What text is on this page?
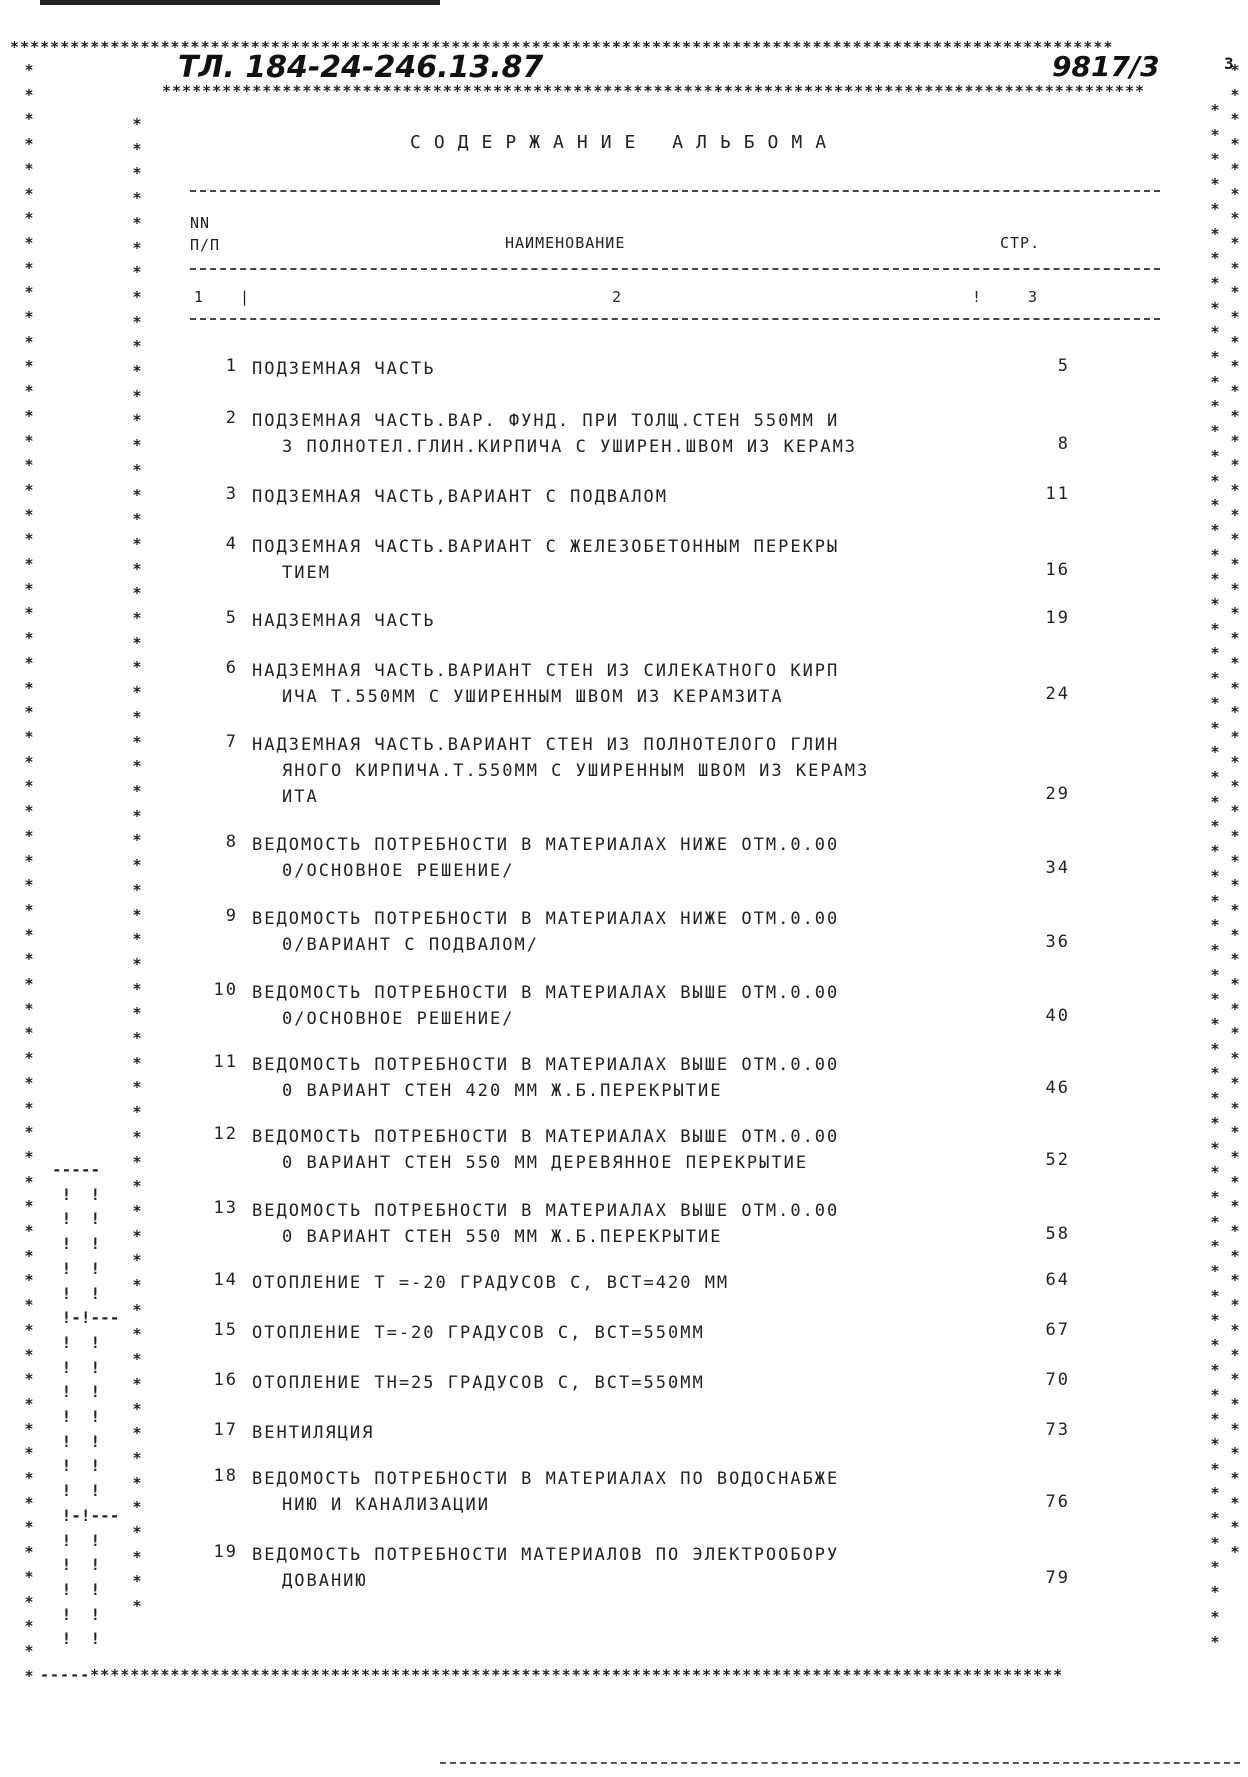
**************************************************************************************************************
*
*
*
*
*
*
*
*
*
*
*
*
*
*
*
*
*
*
*
*
*
*
*
*
*
*
*
*
*
*
*
*
*
*
*
*
*
*
*
*
*
*
*
*
*
*
*
*
*
*
*
*
*
*
*
*
*
*
*
*
*
*
*
*
*
*

*
*
*
*
*
*
*
*
*
*
*
*
*
*
*
*
*
*
*
*
*
*
*
*
*
*
*
*
*
*
*
*
*
*
*
*
*
*
*
*
*
*
*
*
*
*
*
*
*
*
*
*
*
*
*
*
*
*
*
*
*

*
*
*
*
*
*
*
*
*
*
*
*
*
*
*
*
*
*
*
*
*
*
*
*
*
*
*
*
*
*
*
*
*
*
*
*
*
*
*
*
*
*
*
*
*
*
*
*
*
*
*
*
*
*
*
*
*
*
*
*
*
*
*

*
*
*
*
*
*
*
*
*
*
*
*
*
*
*
*
*
*
*
*
*
*
*
*
*
*
*
*
*
*
*
*
*
*
*
*
*
*
*
*
*
*
*
*
*
*
*
*
*
*
*
*
*
*
*
*
*
*
*
*
*

ТЛ. 184-24-246.13.87	9817/3	3
**************************************************************************************************
СОДЕРЖАНИЕ АЛЬБОМА
NN
П/П	НАИМЕНОВАНИЕ	СТР.
1 |	2	!	3
1 ПОДЗЕМНАЯ ЧАСТЬ	5
2 ПОДЗЕМНАЯ ЧАСТЬ.ВАР. ФУНД. ПРИ ТОЛЩ.СТЕН 550ММ И
З ПОЛНОТЕЛ.ГЛИН.КИРПИЧА С УШИРЕН.ШВОМ ИЗ КЕРАМЗ	8
3 ПОДЗЕМНАЯ ЧАСТЬ,ВАРИАНТ С ПОДВАЛОМ	11
4 ПОДЗЕМНАЯ ЧАСТЬ.ВАРИАНТ С ЖЕЛЕЗОБЕТОННЫМ ПЕРЕКРЫ
ТИЕМ	16
5 НАДЗЕМНАЯ ЧАСТЬ	19
6 НАДЗЕМНАЯ ЧАСТЬ.ВАРИАНТ СТЕН ИЗ СИЛЕКАТНОГО КИРП
ИЧА Т.550ММ С УШИРЕННЫМ ШВОМ ИЗ КЕРАМЗИТА	24
7 НАДЗЕМНАЯ ЧАСТЬ.ВАРИАНТ СТЕН ИЗ ПОЛНОТЕЛОГО ГЛИН
ЯНОГО КИРПИЧА.Т.550ММ С УШИРЕННЫМ ШВОМ ИЗ КЕРАМЗ
ИТА	29
8 ВЕДОМОСТЬ ПОТРЕБНОСТИ В МАТЕРИАЛАХ НИЖЕ ОТМ.0.00
0/ОСНОВНОЕ РЕШЕНИЕ/	34
9 ВЕДОМОСТЬ ПОТРЕБНОСТИ В МАТЕРИАЛАХ НИЖЕ ОТМ.0.00
0/ВАРИАНТ С ПОДВАЛОМ/	36
10 ВЕДОМОСТЬ ПОТРЕБНОСТИ В МАТЕРИАЛАХ ВЫШЕ ОТМ.0.00
0/ОСНОВНОЕ РЕШЕНИЕ/	40
11 ВЕДОМОСТЬ ПОТРЕБНОСТИ В МАТЕРИАЛАХ ВЫШЕ ОТМ.0.00
0 ВАРИАНТ СТЕН 420 ММ Ж.Б.ПЕРЕКРЫТИЕ	46
12 ВЕДОМОСТЬ ПОТРЕБНОСТИ В МАТЕРИАЛАХ ВЫШЕ ОТМ.0.00
0 ВАРИАНТ СТЕН 550 ММ ДЕРЕВЯННОЕ ПЕРЕКРЫТИЕ	52
13 ВЕДОМОСТЬ ПОТРЕБНОСТИ В МАТЕРИАЛАХ ВЫШЕ ОТМ.0.00
0 ВАРИАНТ СТЕН 550 ММ Ж.Б.ПЕРЕКРЫТИЕ	58
14 ОТОПЛЕНИЕ Т =-20 ГРАДУСОВ С, ВСТ=420 ММ	64
15 ОТОПЛЕНИЕ Т=-20 ГРАДУСОВ С, ВСТ=550ММ	67
16 ОТОПЛЕНИЕ ТН=25 ГРАДУСОВ С, ВСТ=550ММ	70
17 ВЕНТИЛЯЦИЯ	73
18 ВЕДОМОСТЬ ПОТРЕБНОСТИ В МАТЕРИАЛАХ ПО ВОДОСНАБЖЕ
НИЮ И КАНАЛИЗАЦИИ	76
19 ВЕДОМОСТЬ ПОТРЕБНОСТИ МАТЕРИАЛОВ ПО ЭЛЕКТРООБОРУ
ДОВАНИЮ	79
-----
!  !
!  !
!  !
!  !
!  !
!-!---
!  !
!  !
!  !
!  !
!  !
!  !
!  !
!-!---
!  !
!  !
!  !
!  !
!  !
-----*************************************************************************************************
